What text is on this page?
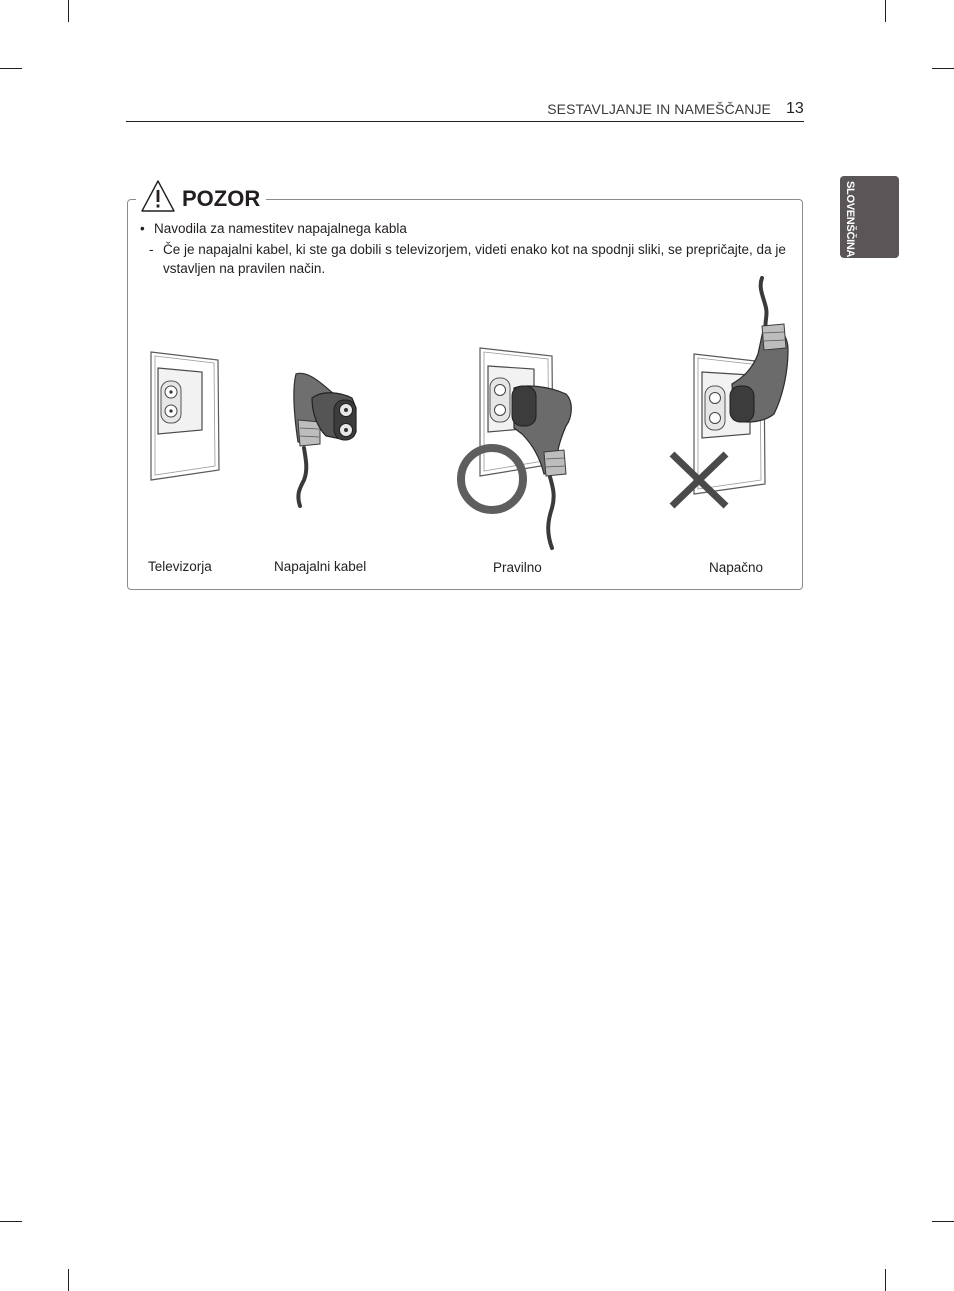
SESTAVLJANJE IN NAMEŠČANJE 13
SLOVENŠČINA
POZOR
• Navodila za namestitev napajalnega kabla
- Če je napajalni kabel, ki ste ga dobili s televizorjem, videti enako kot na spodnji sliki, se prepričajte, da je vstavljen na pravilen način.
Televizorja	Napajalni kabel	Pravilno	Napačno
